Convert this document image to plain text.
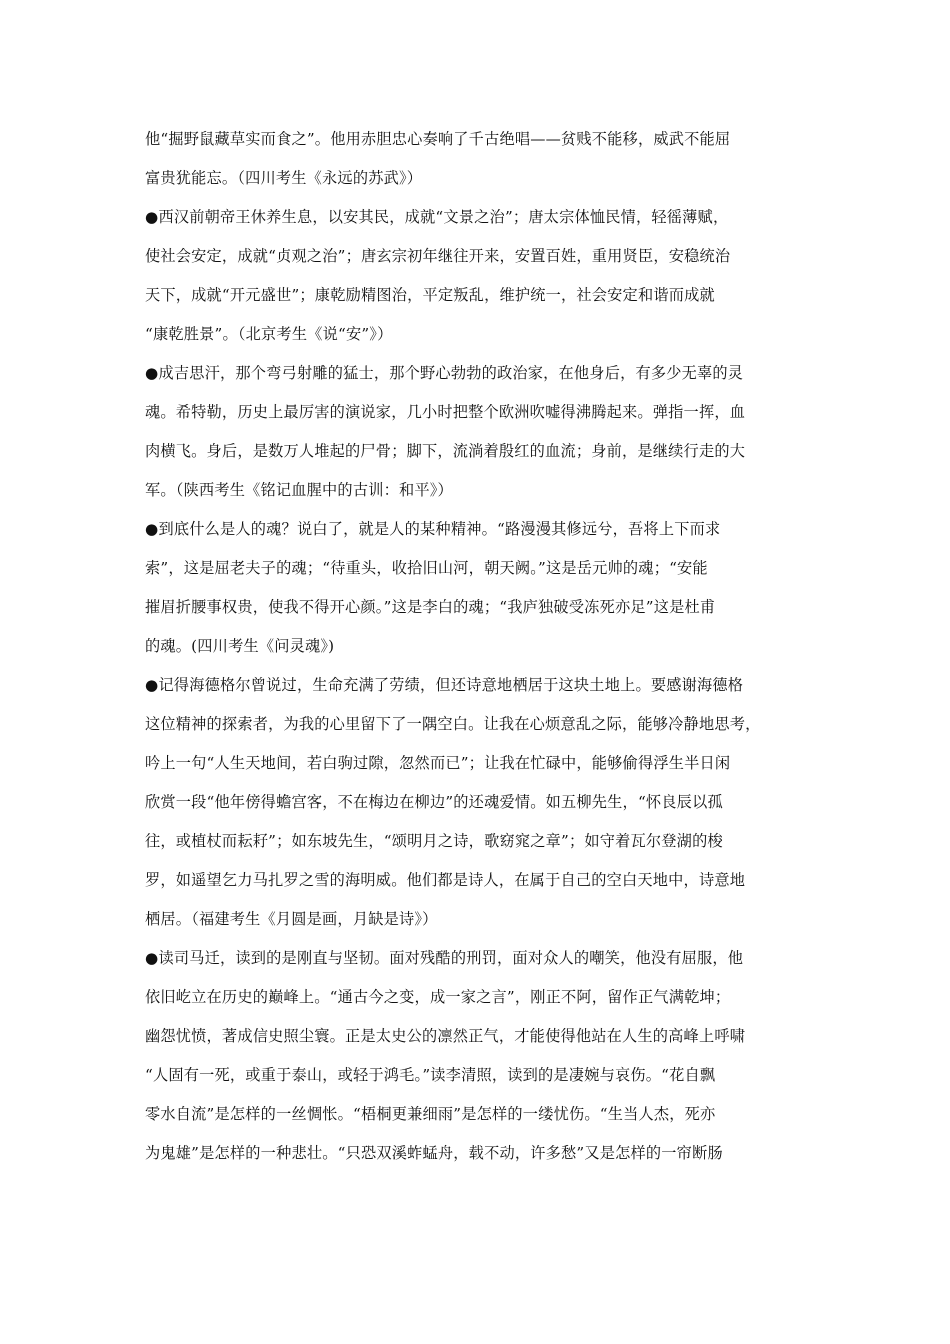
他“掘野鼠藏草实而食之”。他用赤胆忠心奏响了千古绝唱——贫贱不能移，威武不能屈
富贵犹能忘。（四川考生《永远的苏武》）
●西汉前朝帝王休养生息，以安其民，成就“文景之治”；唐太宗体恤民情，轻徭薄赋，
使社会安定，成就“贞观之治”；唐玄宗初年继往开来，安置百姓，重用贤臣，安稳统治
天下，成就“开元盛世”；康乾励精图治，平定叛乱，维护统一，社会安定和谐而成就
“康乾胜景”。（北京考生《说“安”》）
●成吉思汗，那个弯弓射雕的猛士，那个野心勃勃的政治家，在他身后，有多少无辜的灵
魂。希特勒，历史上最厉害的演说家，几小时把整个欧洲吹嘘得沸腾起来。弹指一挥，血
肉横飞。身后，是数万人堆起的尸骨；脚下，流淌着殷红的血流；身前，是继续行走的大
军。（陕西考生《铭记血腥中的古训：和平》）
●到底什么是人的魂？说白了，就是人的某种精神。“路漫漫其修远兮，吾将上下而求
索”，这是屈老夫子的魂；“待重头，收拾旧山河，朝天阙。”这是岳元帅的魂；“安能
摧眉折腰事权贵，使我不得开心颜。”这是李白的魂；“我庐独破受冻死亦足”这是杜甫
的魂。(四川考生《问灵魂》)
●记得海德格尔曾说过，生命充满了劳绩，但还诗意地栖居于这块土地上。要感谢海德格
这位精神的探索者，为我的心里留下了一隅空白。让我在心烦意乱之际，能够冷静地思考，
吟上一句“人生天地间，若白驹过隙，忽然而已”；让我在忙碌中，能够偷得浮生半日闲
欣赏一段“他年傍得蟾宫客，不在梅边在柳边”的还魂爱情。如五柳先生，“怀良辰以孤
往，或植杖而耘耔”；如东坡先生，“颂明月之诗，歌窈窕之章”；如守着瓦尔登湖的梭
罗，如遥望乞力马扎罗之雪的海明威。他们都是诗人，在属于自己的空白天地中，诗意地
栖居。（福建考生《月圆是画，月缺是诗》）
●读司马迁，读到的是刚直与坚韧。面对残酷的刑罚，面对众人的嘲笑，他没有屈服，他
依旧屹立在历史的巅峰上。“通古今之变，成一家之言”，刚正不阿，留作正气满乾坤；
幽怨忧愤，著成信史照尘寰。正是太史公的凛然正气，才能使得他站在人生的高峰上呼啸
“人固有一死，或重于泰山，或轻于鸿毛。”读李清照，读到的是凄婉与哀伤。“花自飘
零水自流”是怎样的一丝惆怅。“梧桐更兼细雨”是怎样的一缕忧伤。“生当人杰，死亦
为鬼雄”是怎样的一种悲壮。“只恐双溪蚱蜢舟，载不动，许多愁”又是怎样的一帘断肠
